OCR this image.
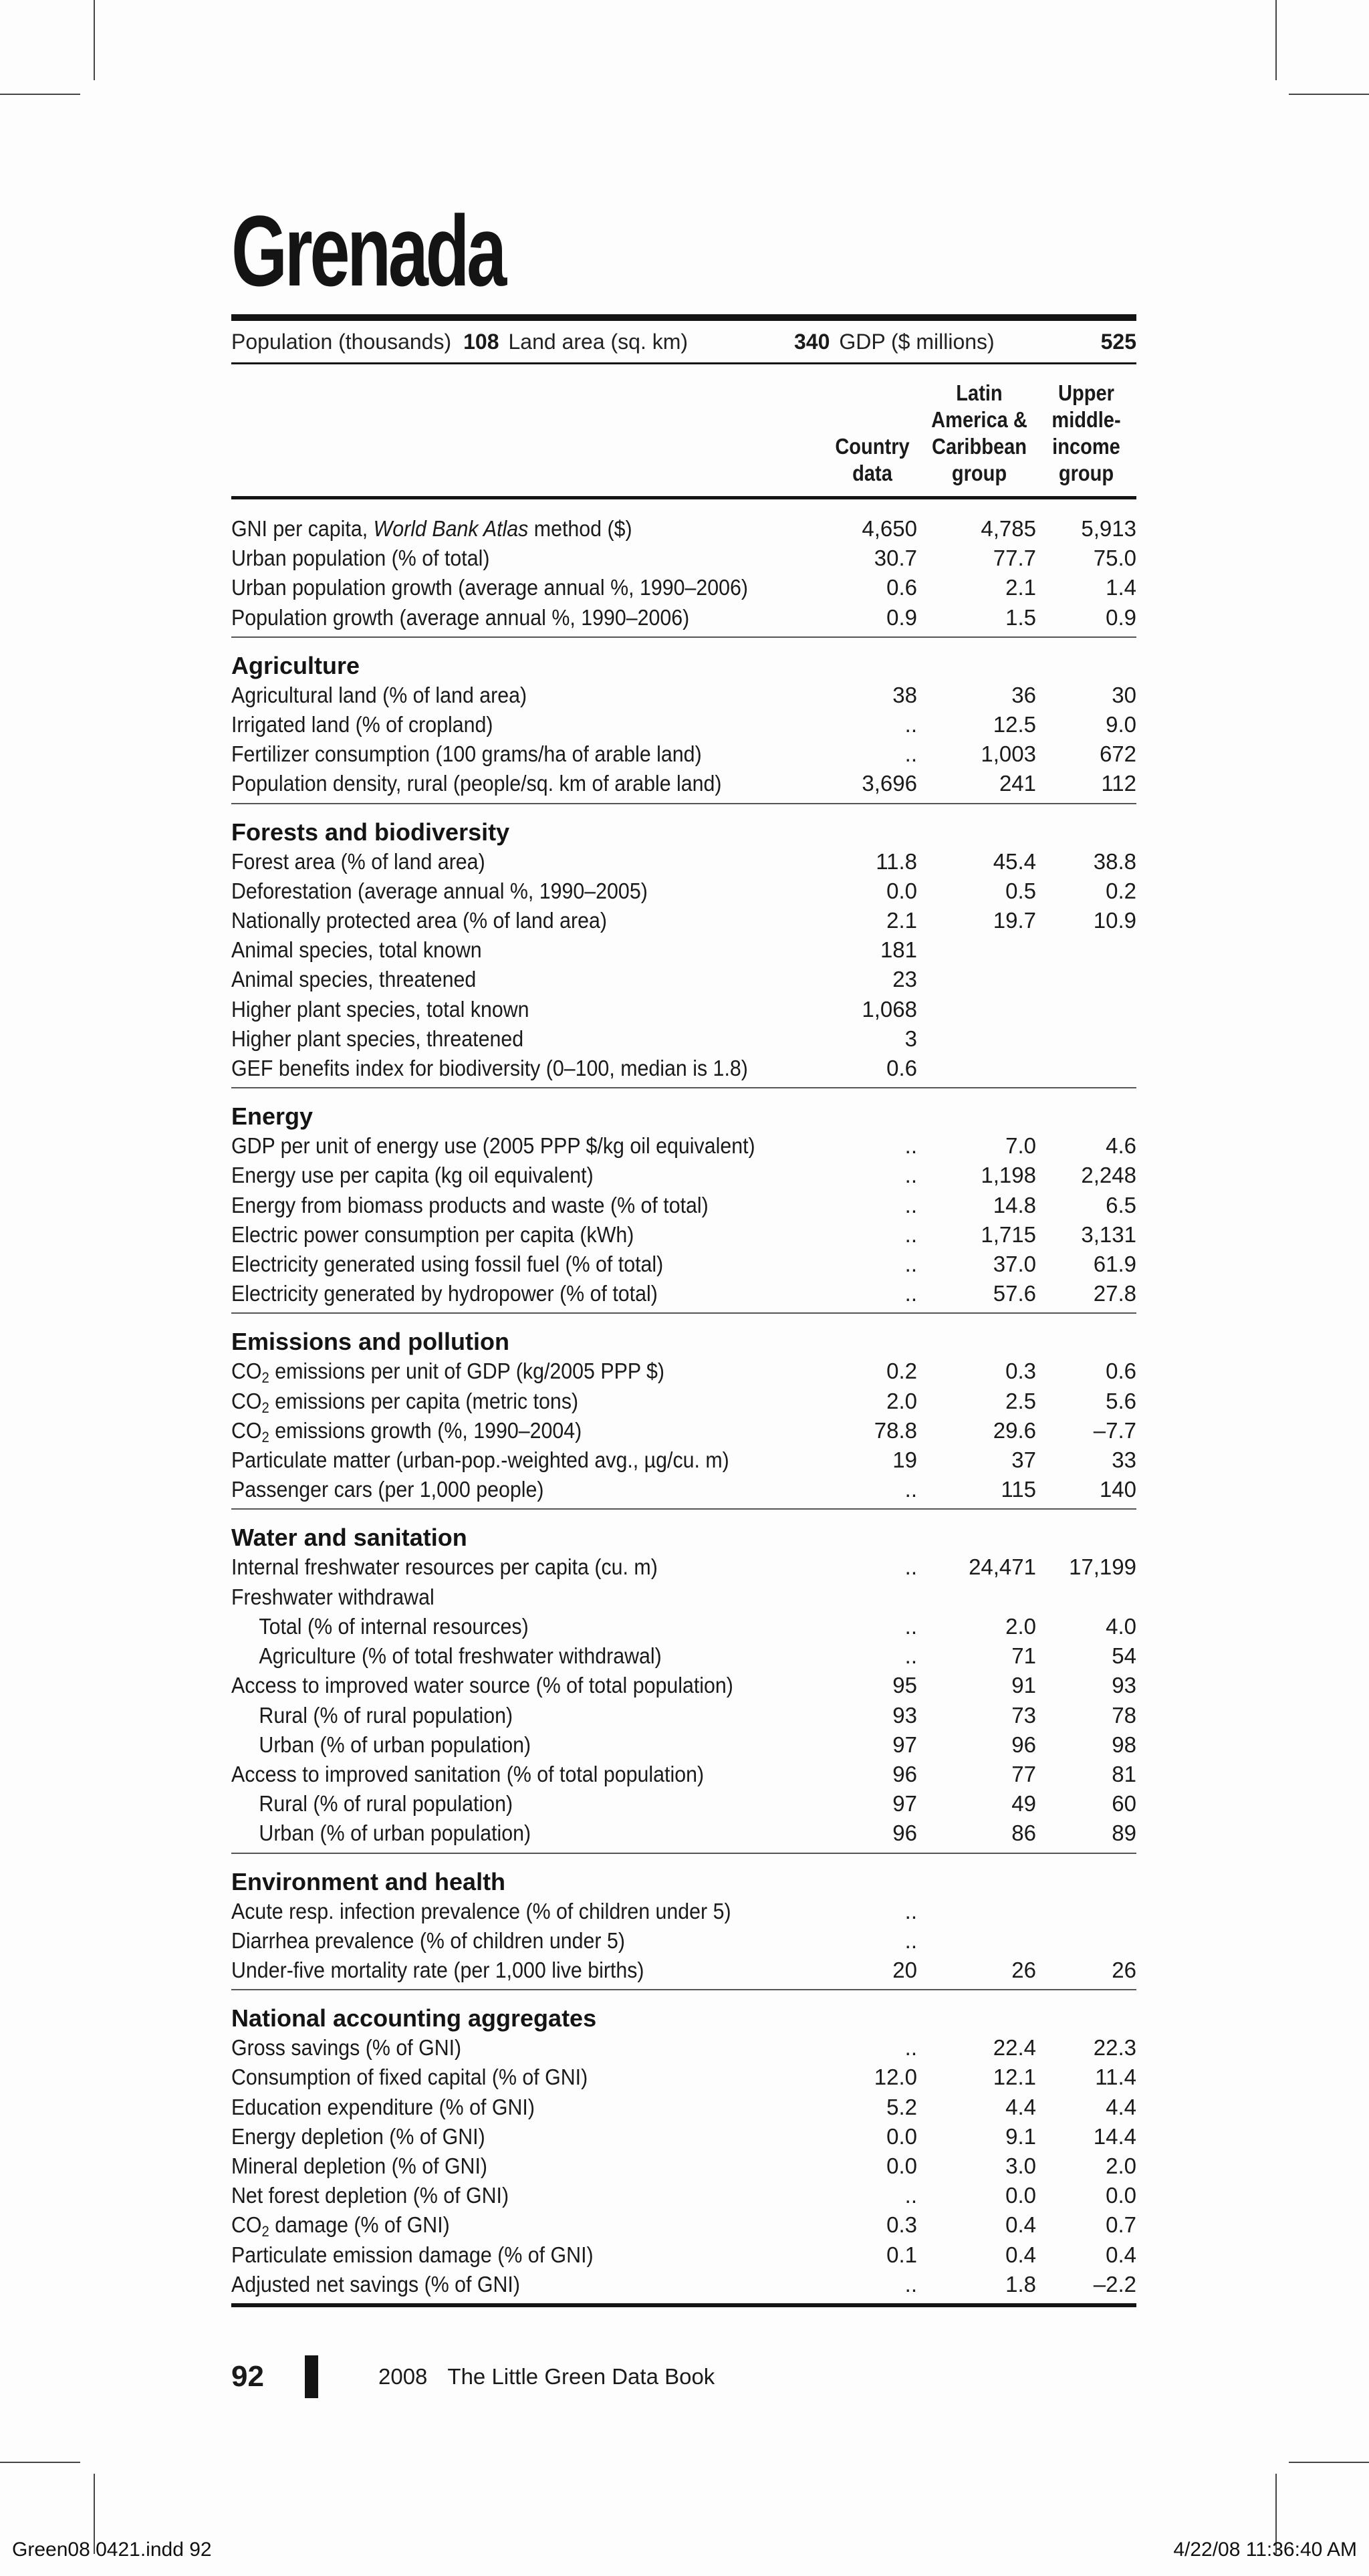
Grenada
Population (thousands) 108 Land area (sq. km)	340 GDP ($ millions)	525
Country data
Latin America & Caribbean group
Upper middle-income group
GNI per capita, World Bank Atlas method ($)	4,650	4,785	5,913
Urban population (% of total)	30.7	77.7	75.0
Urban population growth (average annual %, 1990–2006)	0.6	2.1	1.4
Population growth (average annual %, 1990–2006)	0.9	1.5	0.9
Agriculture
Agricultural land (% of land area)	38	36	30
Irrigated land (% of cropland)	..	12.5	9.0
Fertilizer consumption (100 grams/ha of arable land)	..	1,003	672
Population density, rural (people/sq. km of arable land)	3,696	241	112
Forests and biodiversity
Forest area (% of land area)	11.8	45.4	38.8
Deforestation (average annual %, 1990–2005)	0.0	0.5	0.2
Nationally protected area (% of land area)	2.1	19.7	10.9
Animal species, total known	181
Animal species, threatened	23
Higher plant species, total known	1,068
Higher plant species, threatened	3
GEF benefits index for biodiversity (0–100, median is 1.8)	0.6
Energy
GDP per unit of energy use (2005 PPP $/kg oil equivalent)	..	7.0	4.6
Energy use per capita (kg oil equivalent)	..	1,198	2,248
Energy from biomass products and waste (% of total)	..	14.8	6.5
Electric power consumption per capita (kWh)	..	1,715	3,131
Electricity generated using fossil fuel (% of total)	..	37.0	61.9
Electricity generated by hydropower (% of total)	..	57.6	27.8
Emissions and pollution
$CO_2$ emissions per unit of GDP (kg/2005 PPP $)	0.2	0.3	0.6
$CO_2$ emissions per capita (metric tons)	2.0	2.5	5.6
$CO_2$ emissions growth (%, 1990–2004)	78.8	29.6	–7.7
Particulate matter (urban-pop.-weighted avg., µg/cu. m)	19	37	33
Passenger cars (per 1,000 people)	..	115	140
Water and sanitation
Internal freshwater resources per capita (cu. m)	..	24,471	17,199
Freshwater withdrawal
Total (% of internal resources)	..	2.0	4.0
Agriculture (% of total freshwater withdrawal)	..	71	54
Access to improved water source (% of total population)	95	91	93
Rural (% of rural population)	93	73	78
Urban (% of urban population)	97	96	98
Access to improved sanitation (% of total population)	96	77	81
Rural (% of rural population)	97	49	60
Urban (% of urban population)	96	86	89
Environment and health
Acute resp. infection prevalence (% of children under 5)	..
Diarrhea prevalence (% of children under 5)	..
Under-five mortality rate (per 1,000 live births)	20	26	26
National accounting aggregates
Gross savings (% of GNI)	..	22.4	22.3
Consumption of fixed capital (% of GNI)	12.0	12.1	11.4
Education expenditure (% of GNI)	5.2	4.4	4.4
Energy depletion (% of GNI)	0.0	9.1	14.4
Mineral depletion (% of GNI)	0.0	3.0	2.0
Net forest depletion (% of GNI)	..	0.0	0.0
$CO_2$ damage (% of GNI)	0.3	0.4	0.7
Particulate emission damage (% of GNI)	0.1	0.4	0.4
Adjusted net savings (% of GNI)	..	1.8	–2.2
92	2008 The Little Green Data Book
Green08 0421.indd 92	4/22/08 11:36:40 AM
